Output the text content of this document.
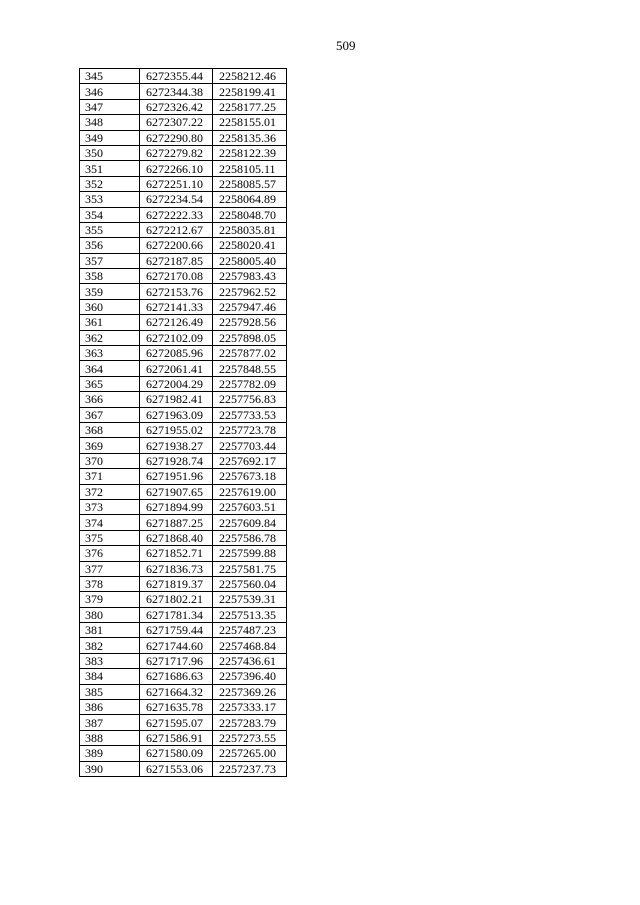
509
345	6272355.44	2258212.46
346	6272344.38	2258199.41
347	6272326.42	2258177.25
348	6272307.22	2258155.01
349	6272290.80	2258135.36
350	6272279.82	2258122.39
351	6272266.10	2258105.11
352	6272251.10	2258085.57
353	6272234.54	2258064.89
354	6272222.33	2258048.70
355	6272212.67	2258035.81
356	6272200.66	2258020.41
357	6272187.85	2258005.40
358	6272170.08	2257983.43
359	6272153.76	2257962.52
360	6272141.33	2257947.46
361	6272126.49	2257928.56
362	6272102.09	2257898.05
363	6272085.96	2257877.02
364	6272061.41	2257848.55
365	6272004.29	2257782.09
366	6271982.41	2257756.83
367	6271963.09	2257733.53
368	6271955.02	2257723.78
369	6271938.27	2257703.44
370	6271928.74	2257692.17
371	6271951.96	2257673.18
372	6271907.65	2257619.00
373	6271894.99	2257603.51
374	6271887.25	2257609.84
375	6271868.40	2257586.78
376	6271852.71	2257599.88
377	6271836.73	2257581.75
378	6271819.37	2257560.04
379	6271802.21	2257539.31
380	6271781.34	2257513.35
381	6271759.44	2257487.23
382	6271744.60	2257468.84
383	6271717.96	2257436.61
384	6271686.63	2257396.40
385	6271664.32	2257369.26
386	6271635.78	2257333.17
387	6271595.07	2257283.79
388	6271586.91	2257273.55
389	6271580.09	2257265.00
390	6271553.06	2257237.73
